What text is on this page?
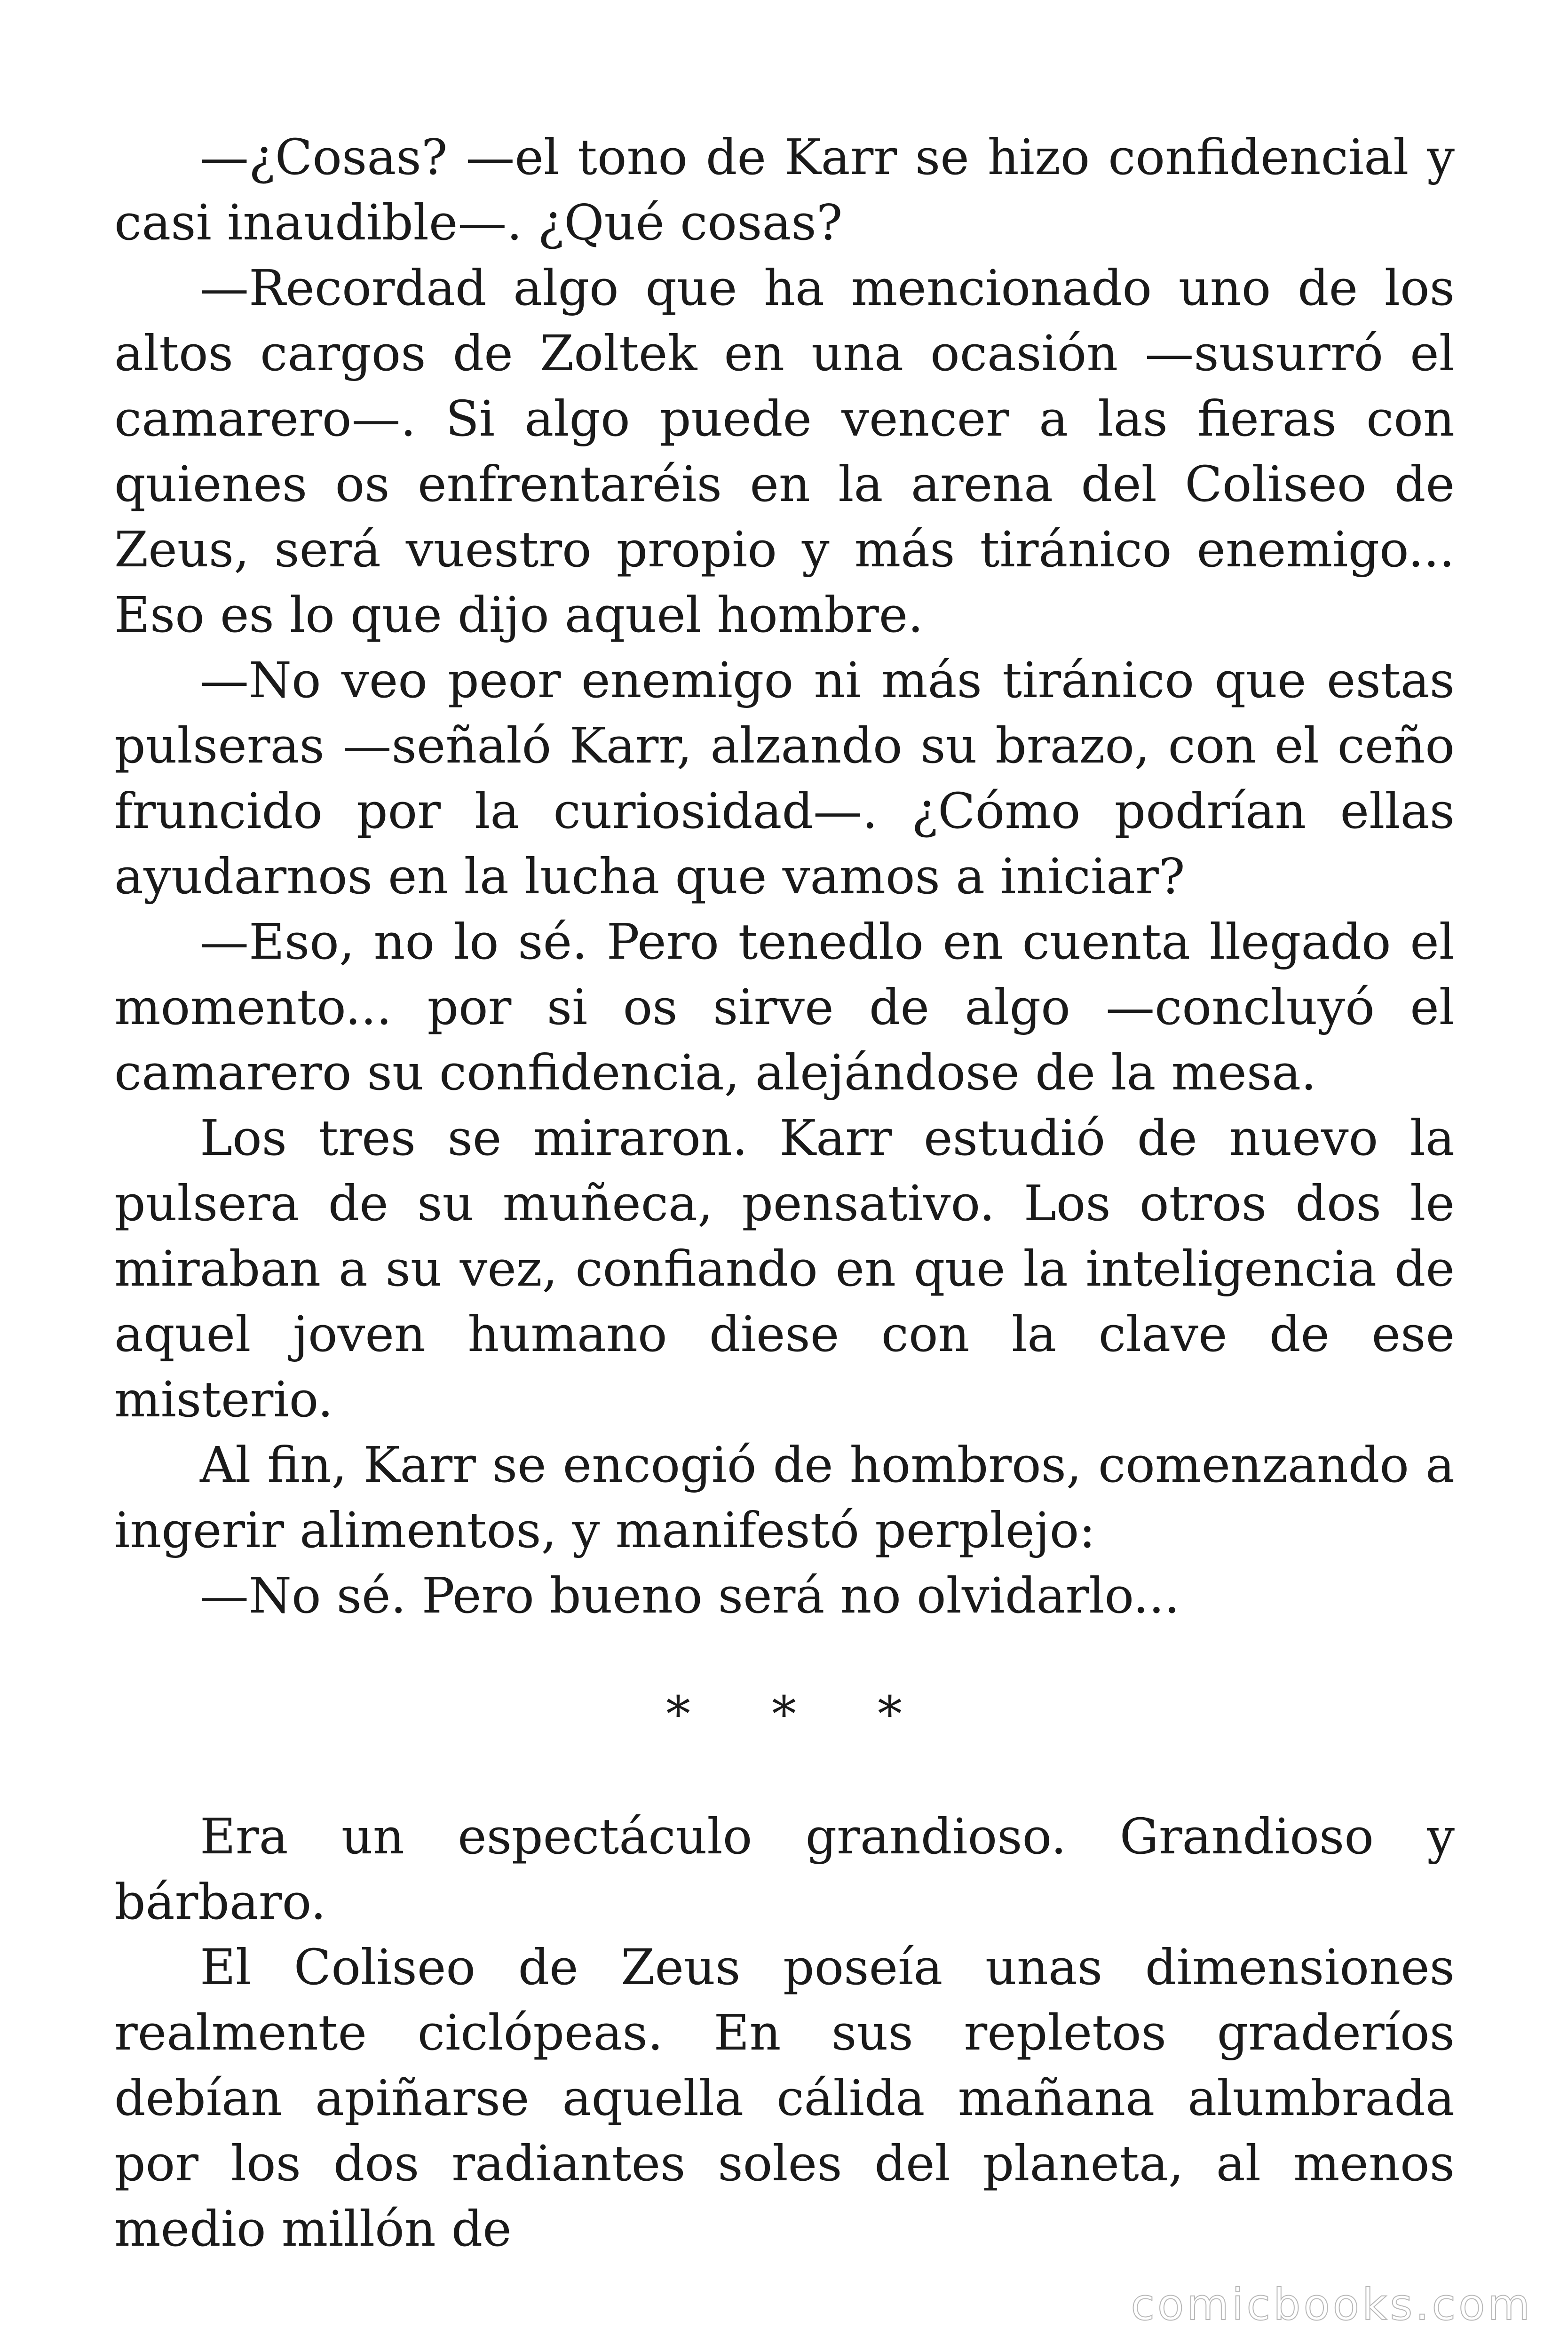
—¿Cosas? —el tono de Karr se hizo confidencial y casi inaudible—. ¿Qué cosas?

—Recordad algo que ha mencionado uno de los altos cargos de Zoltek en una ocasión —susurró el camarero—. Si algo puede vencer a las fieras con quienes os enfrentaréis en la arena del Coliseo de Zeus, será vuestro propio y más tiránico enemigo... Eso es lo que dijo aquel hombre.

—No veo peor enemigo ni más tiránico que estas pulseras —señaló Karr, alzando su brazo, con el ceño fruncido por la curiosidad—. ¿Cómo podrían ellas ayudarnos en la lucha que vamos a iniciar?

—Eso, no lo sé. Pero tenedlo en cuenta llegado el momento... por si os sirve de algo —concluyó el camarero su confidencia, alejándose de la mesa.

Los tres se miraron. Karr estudió de nuevo la pulsera de su muñeca, pensativo. Los otros dos le miraban a su vez, confiando en que la inteligencia de aquel joven humano diese con la clave de ese misterio.

Al fin, Karr se encogió de hombros, comenzando a ingerir alimentos, y manifestó perplejo:

—No sé. Pero bueno será no olvidarlo...

* * *

Era un espectáculo grandioso. Grandioso y bárbaro.

El Coliseo de Zeus poseía unas dimensiones realmente ciclópeas. En sus repletos graderíos debían apiñarse aquella cálida mañana alumbrada por los dos radiantes soles del planeta, al menos medio millón de

comicbooks.com
